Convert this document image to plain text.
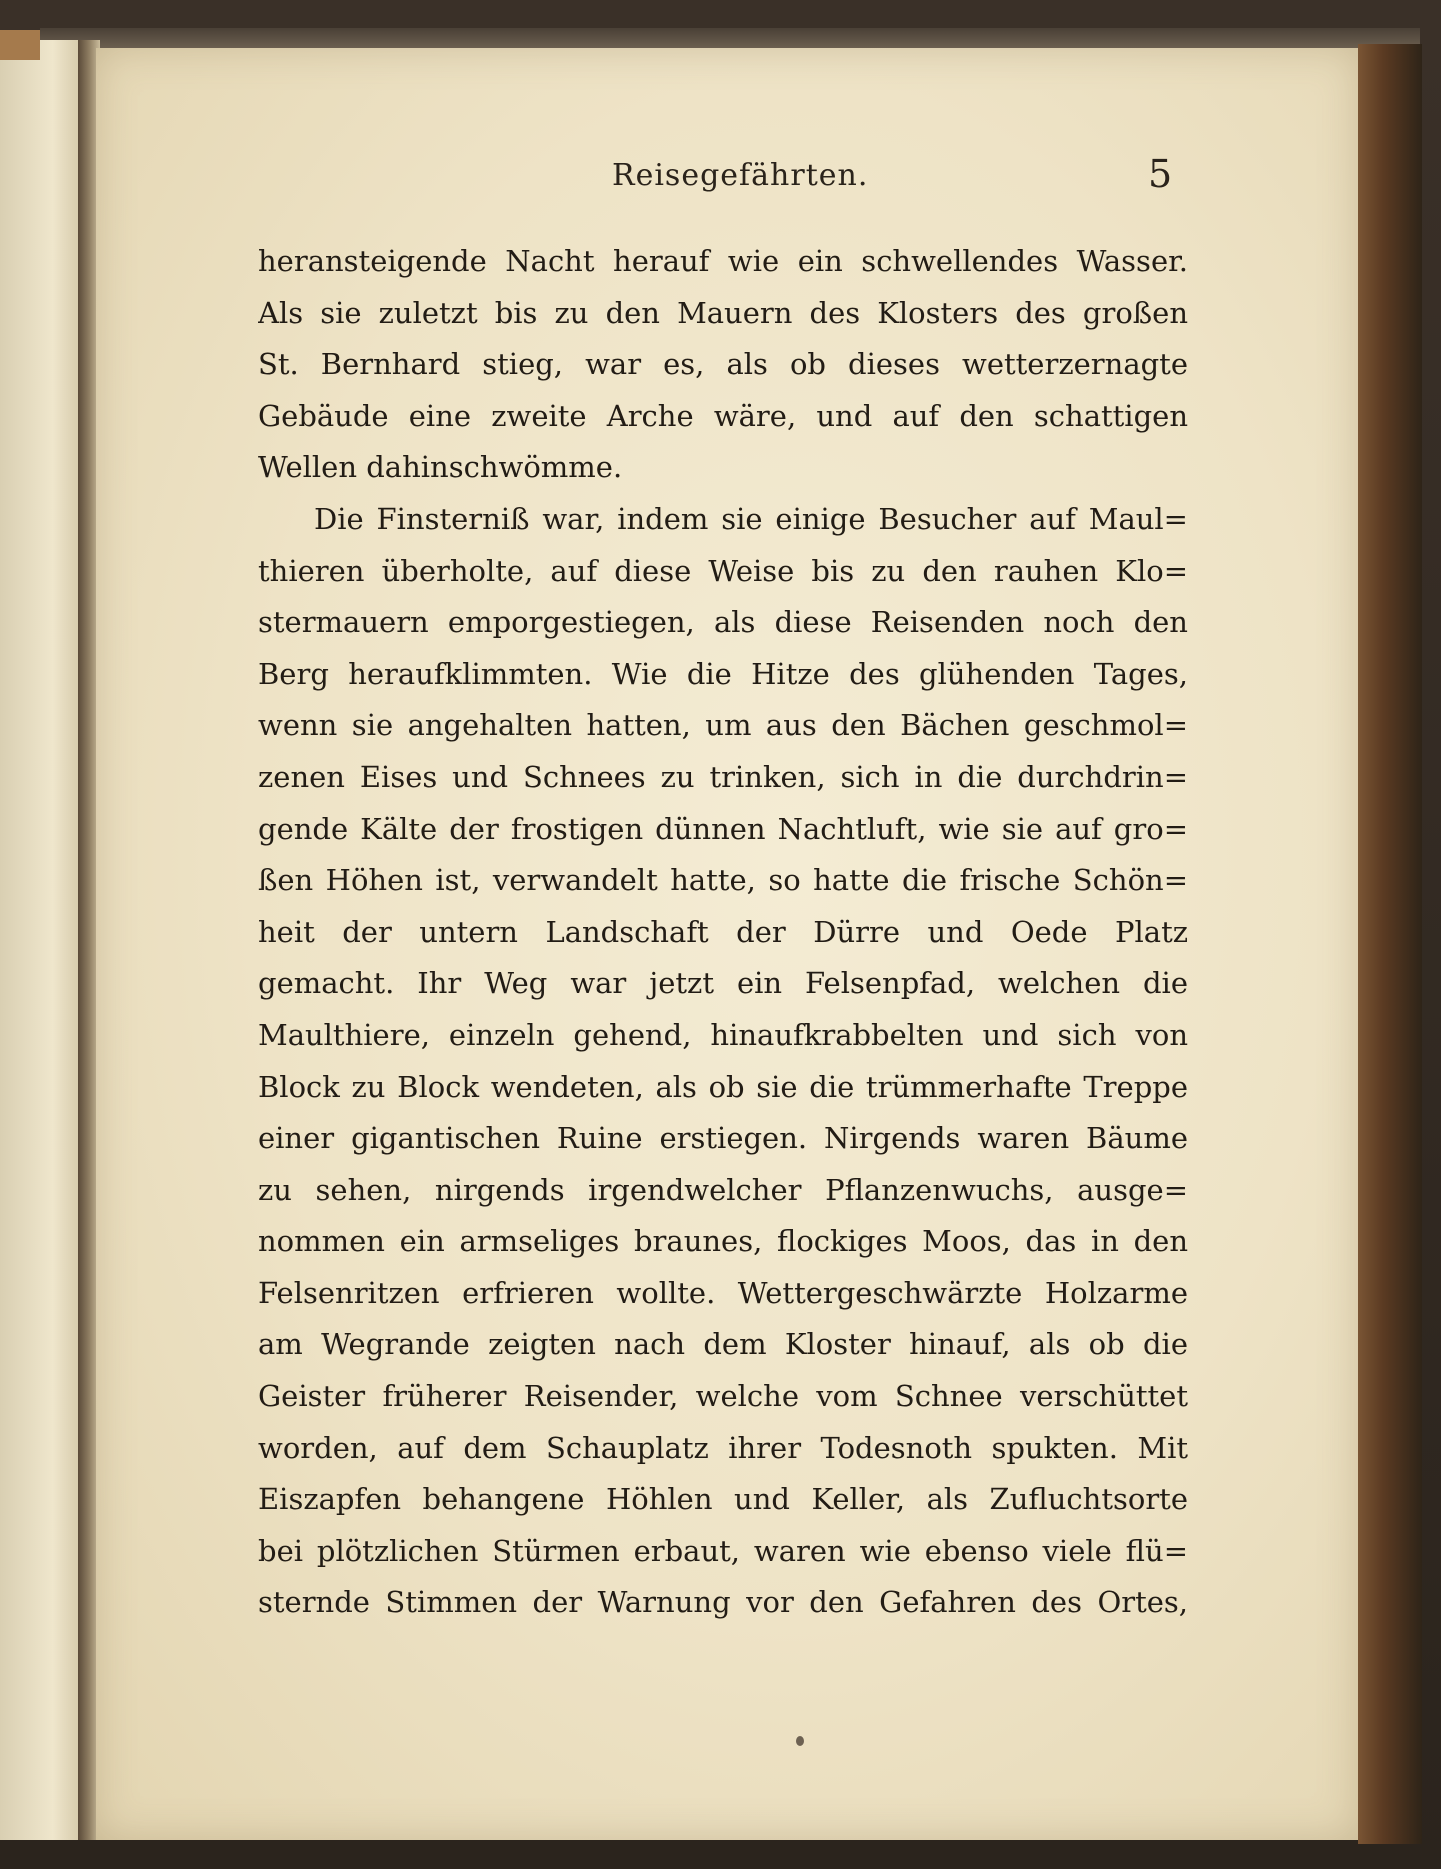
Reisegefährten.	5
heransteigende Nacht herauf wie ein schwellendes Wasser.
Als sie zuletzt bis zu den Mauern des Klosters des großen
St. Bernhard stieg, war es, als ob dieses wetterzernagte
Gebäude eine zweite Arche wäre, und auf den schattigen
Wellen dahinschwömme.
Die Finsterniß war, indem sie einige Besucher auf Maul=
thieren überholte, auf diese Weise bis zu den rauhen Klo=
stermauern emporgestiegen, als diese Reisenden noch den
Berg heraufklimmten. Wie die Hitze des glühenden Tages,
wenn sie angehalten hatten, um aus den Bächen geschmol=
zenen Eises und Schnees zu trinken, sich in die durchdrin=
gende Kälte der frostigen dünnen Nachtluft, wie sie auf gro=
ßen Höhen ist, verwandelt hatte, so hatte die frische Schön=
heit der untern Landschaft der Dürre und Oede Platz
gemacht. Ihr Weg war jetzt ein Felsenpfad, welchen die
Maulthiere, einzeln gehend, hinaufkrabbelten und sich von
Block zu Block wendeten, als ob sie die trümmerhafte Treppe
einer gigantischen Ruine erstiegen. Nirgends waren Bäume
zu sehen, nirgends irgendwelcher Pflanzenwuchs, ausge=
nommen ein armseliges braunes, flockiges Moos, das in den
Felsenritzen erfrieren wollte. Wettergeschwärzte Holzarme
am Wegrande zeigten nach dem Kloster hinauf, als ob die
Geister früherer Reisender, welche vom Schnee verschüttet
worden, auf dem Schauplatz ihrer Todesnoth spukten. Mit
Eiszapfen behangene Höhlen und Keller, als Zufluchtsorte
bei plötzlichen Stürmen erbaut, waren wie ebenso viele flü=
sternde Stimmen der Warnung vor den Gefahren des Ortes,
